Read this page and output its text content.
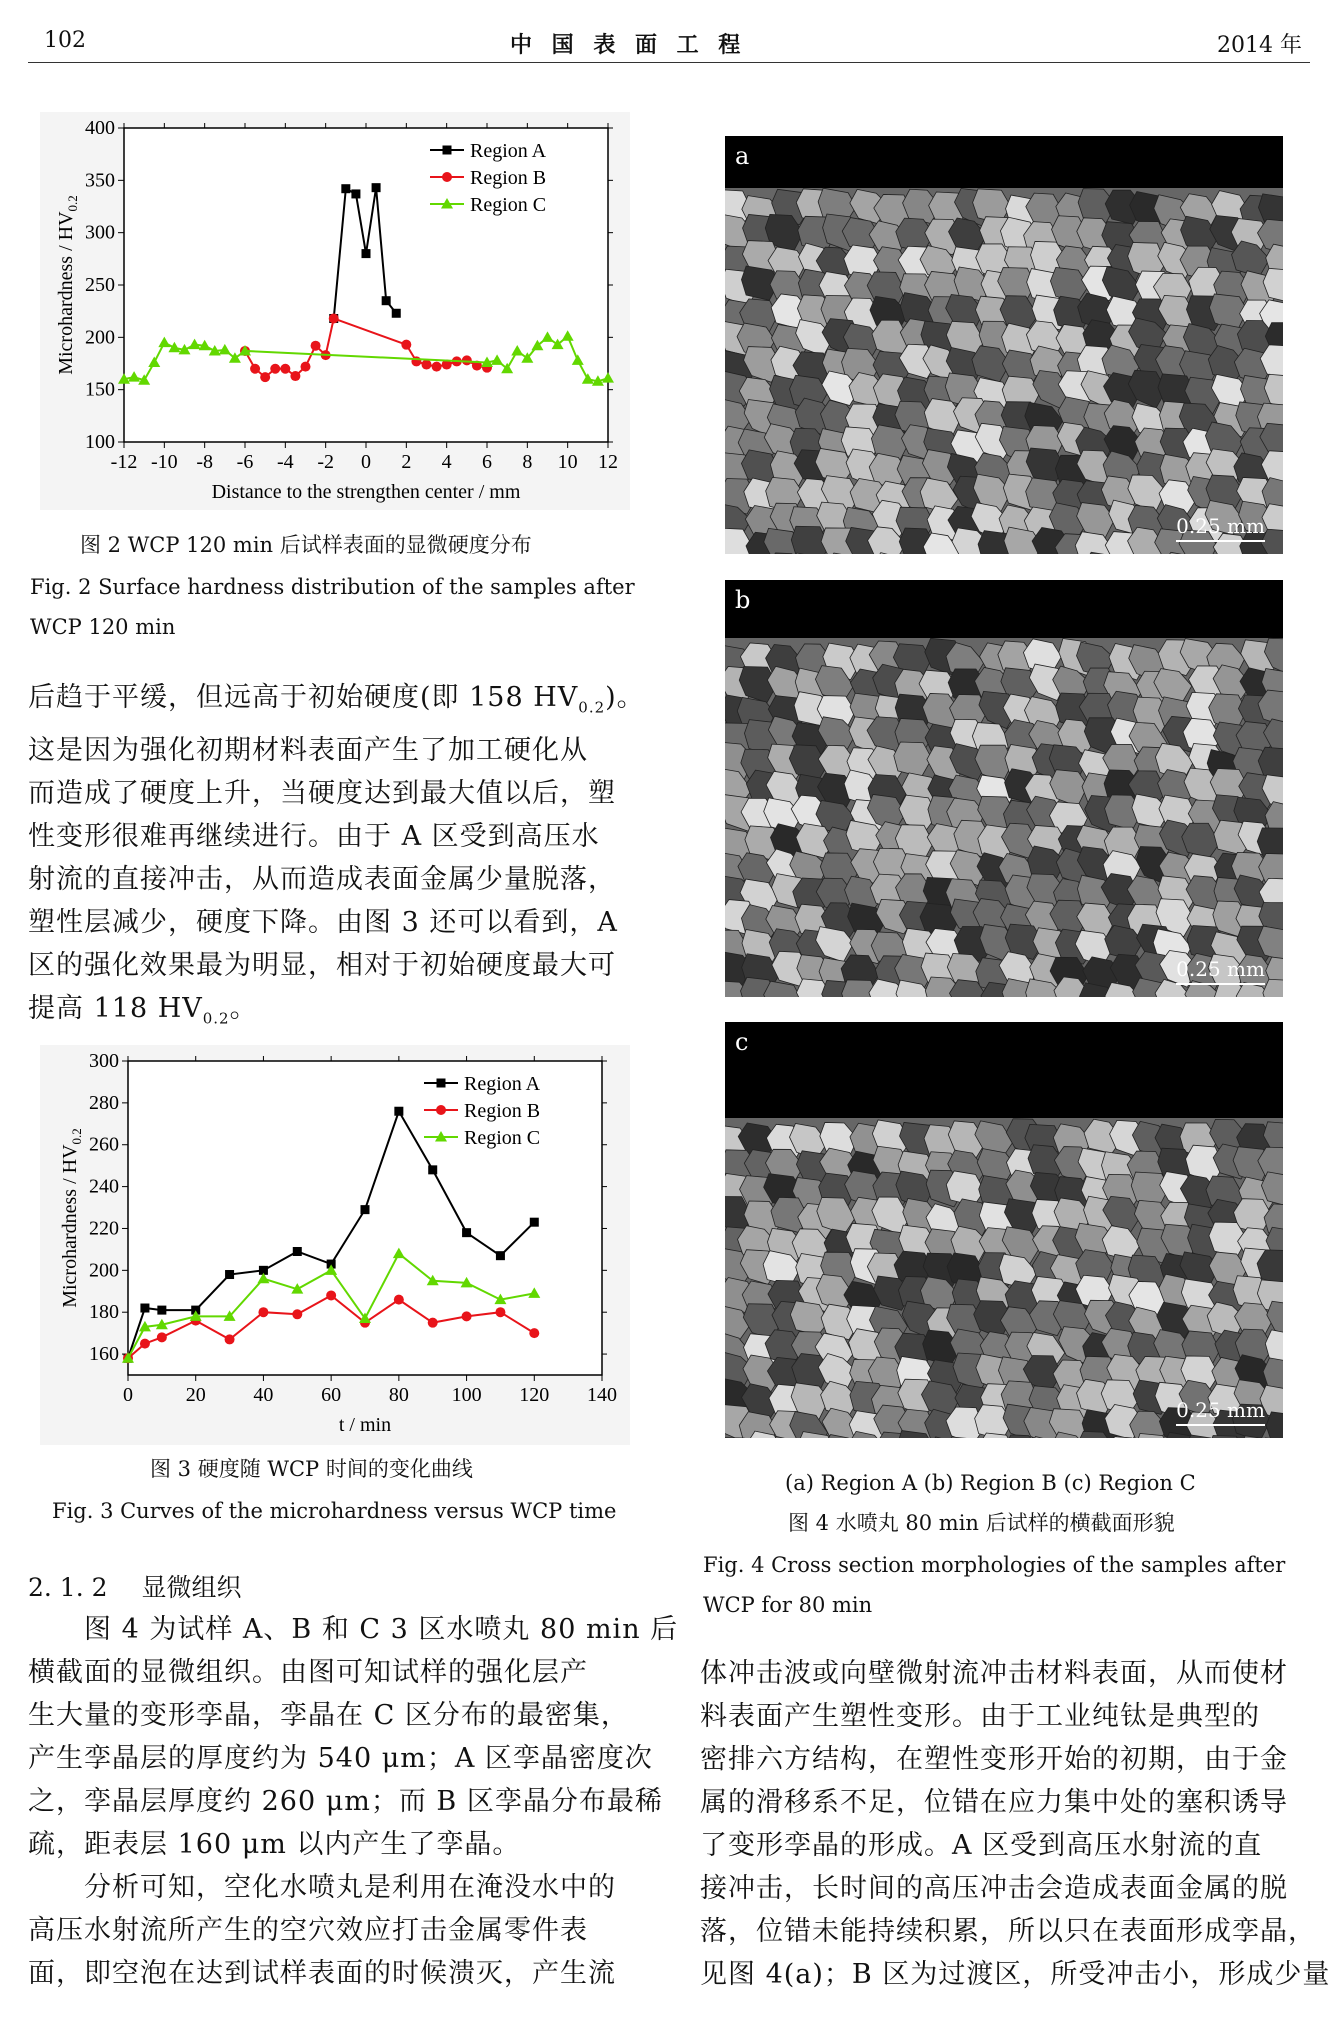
102	中 国 表 面 工 程	2014 年
-12 -10 -8 -6 -4 -2 0 2 4 6 8 10 12
100
150
200
250
300
350
400
Distance to the strengthen center / mm
Microhardness / $HV_{0.2}$
Region A
Region B
Region C
图 2 WCP 120 min 后试样表面的显微硬度分布
Fig. 2 Surface hardness distribution of the samples after
WCP 120 min

后趋于平缓，但远高于初始硬度(即 158 $HV_{0.2}$)。

这是因为强化初期材料表面产生了加工硬化从

而造成了硬度上升，当硬度达到最大值以后，塑

性变形很难再继续进行。由于 A 区受到高压水

射流的直接冲击，从而造成表面金属少量脱落，

塑性层减少，硬度下降。由图 3 还可以看到，A

区的强化效果最为明显，相对于初始硬度最大可

提高 118 $HV_{0.2}$。

0	20 40 60 80 100 120 140
160
180
200
220
240
260
280
300
t / min
Microhardness / $HV_{0.2}$
Region A
Region B
Region C
图 3 硬度随 WCP 时间的变化曲线
Fig. 3 Curves of the microhardness versus WCP time
2. 1. 2 显微组织

图 4 为试样 A、B 和 C 3 区水喷丸 80 min 后

横截面的显微组织。由图可知试样的强化层产

生大量的变形孪晶，孪晶在 C 区分布的最密集，

产生孪晶层的厚度约为 540 μm；A 区孪晶密度次

之，孪晶层厚度约 260 μm；而 B 区孪晶分布最稀

疏，距表层 160 μm 以内产生了孪晶。

分析可知，空化水喷丸是利用在淹没水中的

高压水射流所产生的空穴效应打击金属零件表

面，即空泡在达到试样表面的时候溃灭，产生流

a
0.25 mm
b
0.25 mm
c
0.25 mm
(a) Region A (b) Region B (c) Region C
图 4 水喷丸 80 min 后试样的横截面形貌
Fig. 4 Cross section morphologies of the samples after
WCP for 80 min

体冲击波或向壁微射流冲击材料表面，从而使材

料表面产生塑性变形。由于工业纯钛是典型的

密排六方结构，在塑性变形开始的初期，由于金

属的滑移系不足，位错在应力集中处的塞积诱导

了变形孪晶的形成。A 区受到高压水射流的直

接冲击，长时间的高压冲击会造成表面金属的脱

落，位错未能持续积累，所以只在表面形成孪晶，

见图 4(a)；B 区为过渡区，所受冲击小，形成少量
